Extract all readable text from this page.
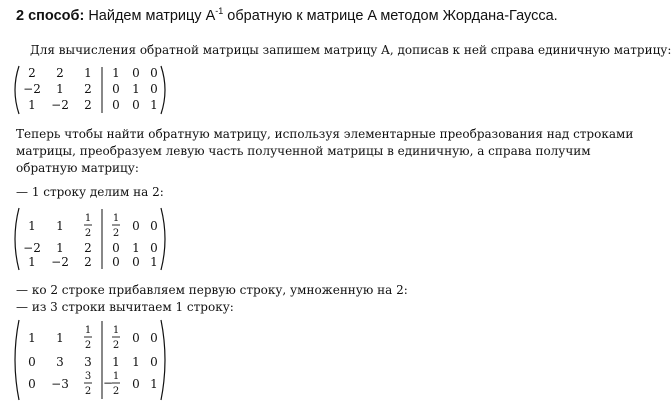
2 способ: Найдем матрицу $A^{-1}$ обратную к матрице A методом Жордана-Гаусса.
Для вычисления обратной матрицы запишем матрицу A, дописав к ней справа единичную матрицу:
2 2 1 1 0 0
−2 1 2 0 1 0
1 −2 2 0 0 1
Теперь чтобы найти обратную матрицу, используя элементарные преобразования над строками
матрицы, преобразуем левую часть полученной матрицы в единичную, а справа получим
обратную матрицу:
— 1 строку делим на 2:
1 1
1
2
1
2
0 0
−2 1 2 0 1 0
1 −2 2 0 0 1
— ко 2 строке прибавляем первую строку, умноженную на 2:
— из 3 строки вычитаем 1 строку:
1 1
1
2
1
2
0 0
0 3 3 1 1 0
0 −3
3
2
1
2
− 0 1
